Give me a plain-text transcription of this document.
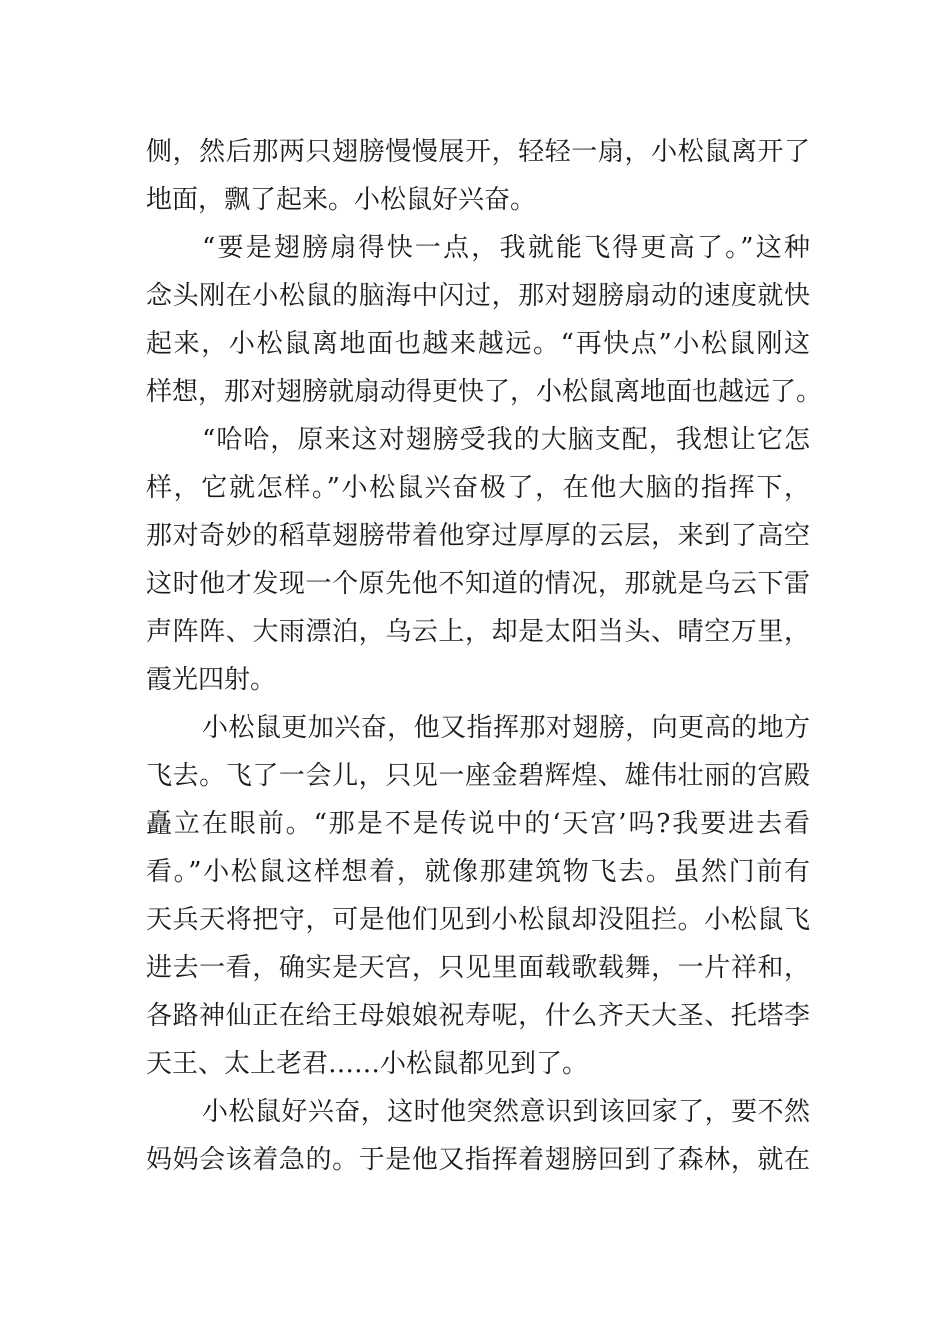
侧，然后那两只翅膀慢慢展开，轻轻一扇，小松鼠离开了
地面，飘了起来。小松鼠好兴奋。
“要是翅膀扇得快一点，我就能飞得更高了。”这种
念头刚在小松鼠的脑海中闪过，那对翅膀扇动的速度就快
起来，小松鼠离地面也越来越远。“再快点”小松鼠刚这
样想，那对翅膀就扇动得更快了，小松鼠离地面也越远了。
“哈哈，原来这对翅膀受我的大脑支配，我想让它怎
样，它就怎样。”小松鼠兴奋极了，在他大脑的指挥下，
那对奇妙的稻草翅膀带着他穿过厚厚的云层，来到了高空
这时他才发现一个原先他不知道的情况，那就是乌云下雷
声阵阵、大雨漂泊，乌云上，却是太阳当头、晴空万里，
霞光四射。
小松鼠更加兴奋，他又指挥那对翅膀，向更高的地方
飞去。飞了一会儿，只见一座金碧辉煌、雄伟壮丽的宫殿
矗立在眼前。“那是不是传说中的‘天宫’吗?我要进去看
看。”小松鼠这样想着，就像那建筑物飞去。虽然门前有
天兵天将把守，可是他们见到小松鼠却没阻拦。小松鼠飞
进去一看，确实是天宫，只见里面载歌载舞，一片祥和，
各路神仙正在给王母娘娘祝寿呢，什么齐天大圣、托塔李
天王、太上老君……小松鼠都见到了。
小松鼠好兴奋，这时他突然意识到该回家了，要不然
妈妈会该着急的。于是他又指挥着翅膀回到了森林，就在
